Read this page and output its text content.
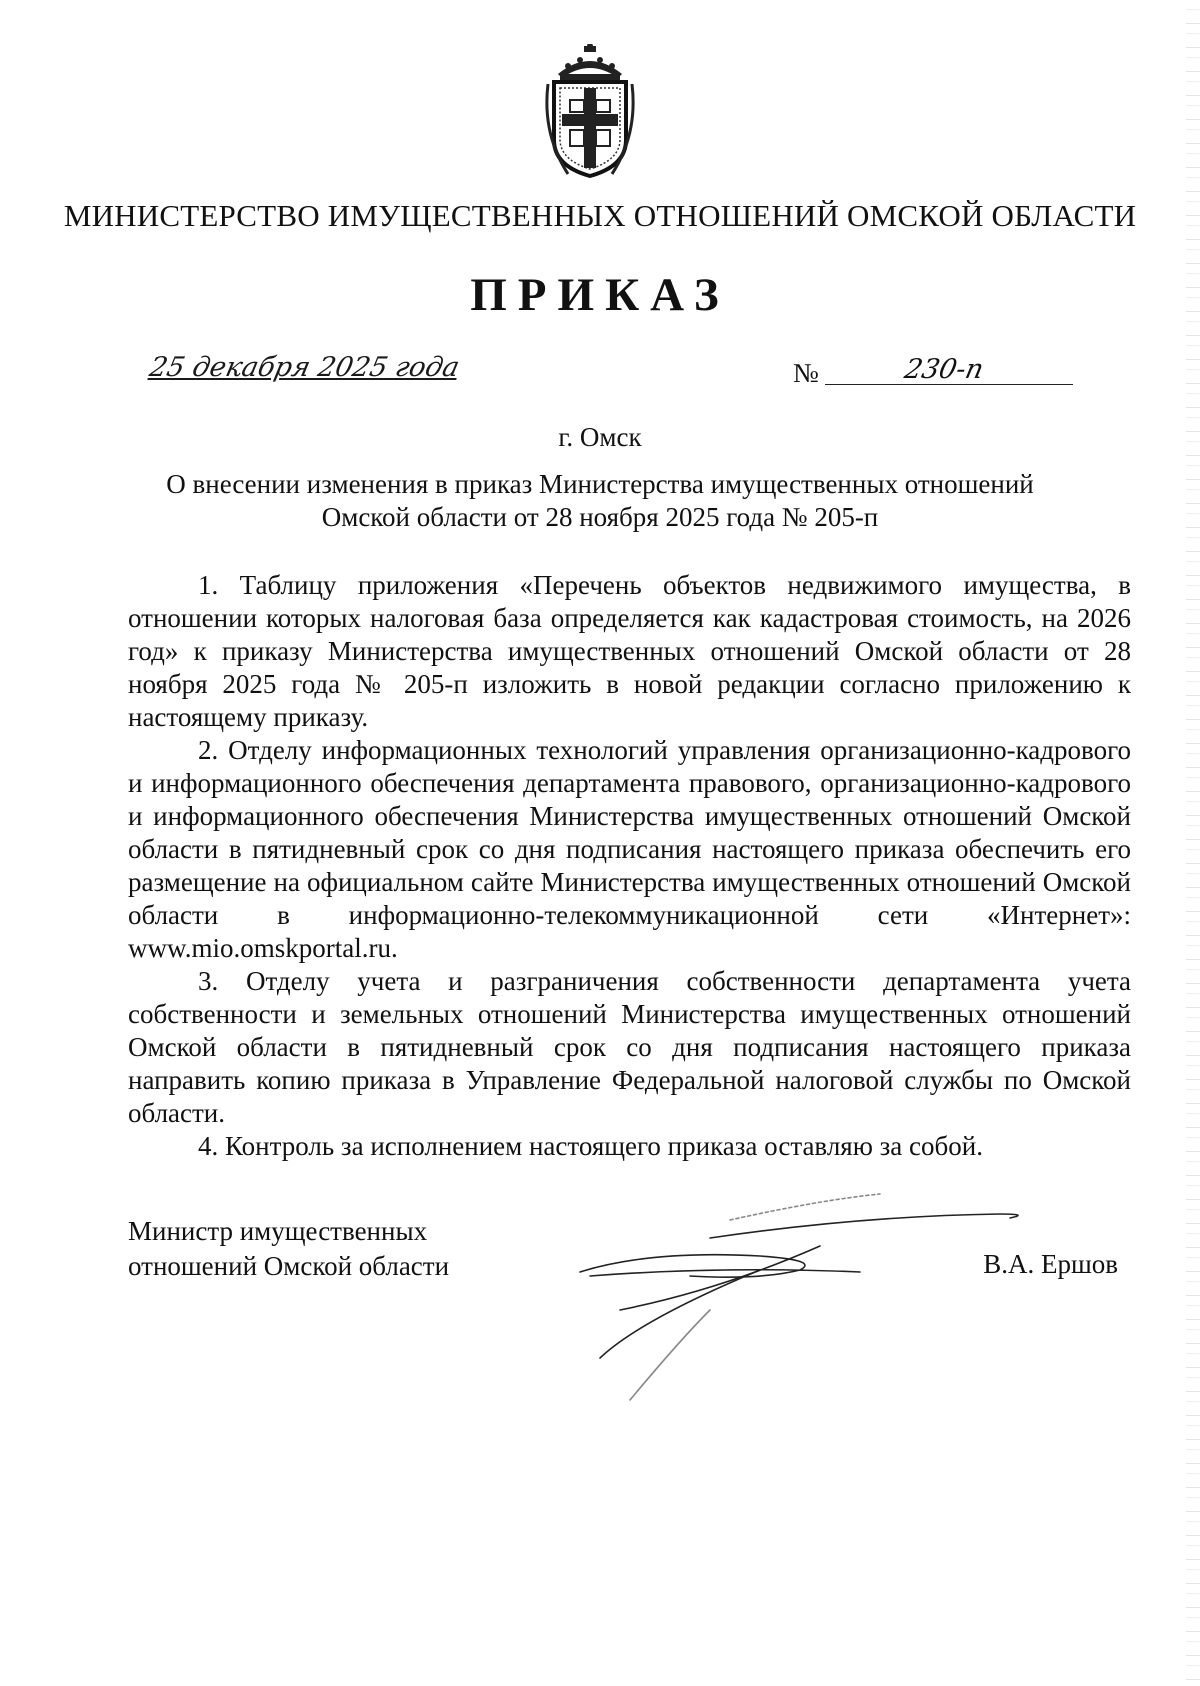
МИНИСТЕРСТВО ИМУЩЕСТВЕННЫХ ОТНОШЕНИЙ ОМСКОЙ ОБЛАСТИ
ПРИКАЗ
25 декабря 2025 года	№	230-п
г. Омск
О внесении изменения в приказ Министерства имущественных отношений
Омской области от 28 ноября 2025 года № 205-п

1. Таблицу приложения «Перечень объектов недвижимого имущества, в отношении которых налоговая база определяется как кадастровая стоимость, на 2026 год» к приказу Министерства имущественных отношений Омской области от 28 ноября 2025 года № 205-п изложить в новой редакции согласно приложению к настоящему приказу.

2. Отделу информационных технологий управления организационно-кадрового и информационного обеспечения департамента правового, организационно-кадрового и информационного обеспечения Министерства имущественных отношений Омской области в пятидневный срок со дня подписания настоящего приказа обеспечить его размещение на официальном сайте Министерства имущественных отношений Омской области в информационно-телекоммуникационной сети «Интернет»: www.mio.omskportal.ru.

3. Отделу учета и разграничения собственности департамента учета собственности и земельных отношений Министерства имущественных отношений Омской области в пятидневный срок со дня подписания настоящего приказа направить копию приказа в Управление Федеральной налоговой службы по Омской области.

4. Контроль за исполнением настоящего приказа оставляю за собой.

Министр имущественных
отношений Омской области	В.А. Ершов
